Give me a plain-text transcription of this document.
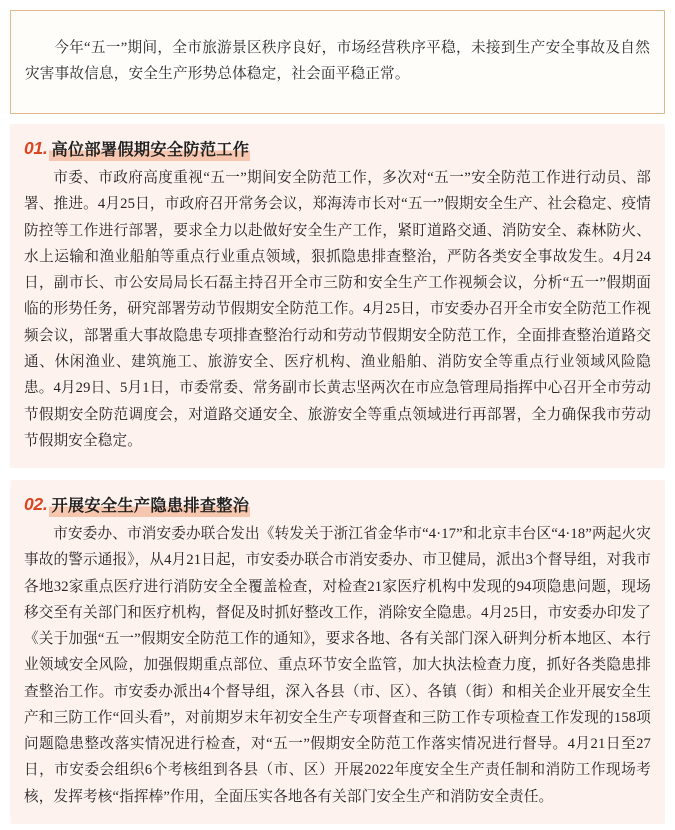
今年“五一”期间，全市旅游景区秩序良好，市场经营秩序平稳，未接到生产安全事故及自然灾害事故信息，安全生产形势总体稳定，社会面平稳正常。

01. 高位部署假期安全防范工作

市委、市政府高度重视“五一”期间安全防范工作，多次对“五一”安全防范工作进行动员、部署、推进。4月25日，市政府召开常务会议，郑海涛市长对“五一”假期安全生产、社会稳定、疫情防控等工作进行部署，要求全力以赴做好安全生产工作，紧盯道路交通、消防安全、森林防火、水上运输和渔业船舶等重点行业重点领域，狠抓隐患排查整治，严防各类安全事故发生。4月24日，副市长、市公安局局长石磊主持召开全市三防和安全生产工作视频会议，分析“五一”假期面临的形势任务，研究部署劳动节假期安全防范工作。4月25日，市安委办召开全市安全防范工作视频会议，部署重大事故隐患专项排查整治行动和劳动节假期安全防范工作，全面排查整治道路交通、休闲渔业、建筑施工、旅游安全、医疗机构、渔业船舶、消防安全等重点行业领域风险隐患。4月29日、5月1日，市委常委、常务副市长黄志坚两次在市应急管理局指挥中心召开全市劳动节假期安全防范调度会，对道路交通安全、旅游安全等重点领域进行再部署，全力确保我市劳动节假期安全稳定。

02. 开展安全生产隐患排查整治

市安委办、市消安委办联合发出《转发关于浙江省金华市“4·17”和北京丰台区“4·18”两起火灾事故的警示通报》，从4月21日起，市安委办联合市消安委办、市卫健局，派出3个督导组，对我市各地32家重点医疗进行消防安全全覆盖检查，对检查21家医疗机构中发现的94项隐患问题，现场移交至有关部门和医疗机构，督促及时抓好整改工作，消除安全隐患。4月25日，市安委办印发了《关于加强“五一”假期安全防范工作的通知》，要求各地、各有关部门深入研判分析本地区、本行业领域安全风险，加强假期重点部位、重点环节安全监管，加大执法检查力度，抓好各类隐患排查整治工作。市安委办派出4个督导组，深入各县（市、区）、各镇（街）和相关企业开展安全生产和三防工作“回头看”，对前期岁末年初安全生产专项督查和三防工作专项检查工作发现的158项问题隐患整改落实情况进行检查，对“五一”假期安全防范工作落实情况进行督导。4月21日至27日，市安委会组织6个考核组到各县（市、区）开展2022年度安全生产责任制和消防工作现场考核，发挥考核“指挥棒”作用，全面压实各地各有关部门安全生产和消防安全责任。
